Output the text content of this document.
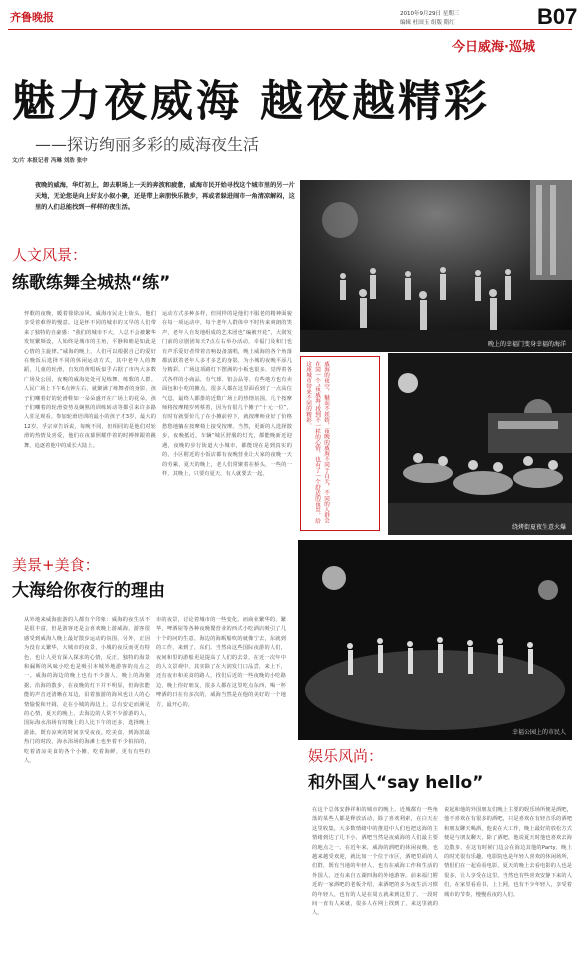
齐鲁晚报	2010年9月29日 星期三
编辑 杜国玉 组版 隋红	B07
今日威海·巡城
魅力夜威海 越夜越精彩
——探访绚丽多彩的威海夜生活
文/片 本报记者 冯琳 刘浩 张中
夜晚的威海，华灯初上，卸去职场上一天的奔波和疲惫，威海市民开始寻找这个城市里的另一片天地，无论您是向上好友小叙小聚，还是带上亲朋快乐散步，再或者躲进闹市一角清凉解闷，这里的人们总能找到一样样的夜生活。
人文风景：
练歌练舞全城热“练”
怦歌的夜晚，暖着徐徐凉风，威海市民走上街头，他们享受着难得的慢意。这是怀不同的城市的又早的人们带来了独特的自豪感：“我们的城市不大，人总不会被繁华发短繁频设，人始终是城市的主角，平静和睦是如此是心情的主旋律。”威海的晚上，人们可以根据自己的爱好在晚饭后选择不同的休闲运动方式，其中老年人的舞蹈，儿童的轮滑，自发的黄唱板似乎占据了市内大多数广场及公园，夜晚的威海处处可见练舞、练歌的人群。人民广场上下午6点钟左右，就聚满了练舞者的身影，孩子们嘲着好的轮滑鞋如一朵朵盛开在广场上的花朵。孩子们嘲着的轮滑姿势及娴熟的训练转动等都引来许多路人驻足观看。参加轮滑培训的最小的孩子才3岁，最大的12岁。孚宗章告诉说，每晚不同，但相同的是他们对轮滑的热情及喜爱，他们在夜幕照耀伴着的时搏摔跟着跳舞，追逐着他中的成长大陆上。
运动方式多种多样，但同样的是他们不服老的精神面貌在每一项运动中，每个老年人群体中不时传来爽朗的笑声，老年人自发地组成的艺术团也“编被开花”，大润发门前的京剧团每天7点左右举办活动，幸福门及和门也有声乐爱好者带着音响设备演唱，晚上威海的各个角落都活跃着老年人多才多艺的身影，为小城的夜晚平添几分精彩。广场这项路灯下摆满的小板也很多，觉得着各式各样的小商品，有气球、铝会品等。有些地方也有卖面包和小吃的摊点。很多人都在这里面看到了一点高位气息，最终人都排的近数广场上的热情氛围，几个按摩师将按摩精岁列蔡着，因为有很几个摊子“十元一位”，有时有就要价几了在小摊前停下，就按摩师业好了价格愁愁地躺在按摩椅上接受按摩。当然，更新的人选择散步，夜晚抵近，车辆“城区舒服的灯光，都能晚新近迎遇，夜晚的步行街道大小城市，都能现在是到真实的的，小区附近的小饭店都有夜晚营业让大家的夜晚一天的劳累，夏天的晚上，老人们常聚着在桥头，一些的一样，其晚上，只要有夏天，有人就要去一起。
晚上的幸福门变身幸福的海洋
绕烤街夏夜生意火爆
威海的夜空，魅而不妖娇，夜晚的威海不同于白天，不同的人群会在同一个“夜威海”找到不一样的心情，也有了一个舒适的夜景，给这座城市带来不同的精彩。
美景+美食：
大海给你夜行的理由
从外地来威海旅游的人都有个印象：威海的夜生活不是很丰富，但是游客还是会喜欢晚上游威海，游客很感受到威海人晚上最好散步运动的氛围，另外，正因为没有太繁华，大城市的夜景，小城的夜反而更有特色，也让人更有深入探求的心情，反正，独特的海景和漏斯的风味小吃也是吸引本城外地游客的亮点之一。威海的海边的晚上也有不少游人，晚上的海猪据，沿海的散步，在夜晚的灯下并不明显，但海张能能的声音还清晰在耳边，沿着旅游的海风也让人的心情愉悦和开阔，走在小城的海边上，总有安定而满足的心情，夏天的晚上，去海边的人常不少游游的人，国际海水浴场有时晚上的人比下午的还多，选择晚上游泳，既有凉爽的时间享受夜夜。吃美食，到海滨最热门的时段，海水浴场的海滩上也坐着不少拍拍的，吃着清凉美食的各个小摊，吃着海鲜，更有有些的人。
市的夜景，讨论着城市的一些变化。而商业繁华的，繁华，啤酒屋等各种夜晚餐营业的西式小吃酒店吸引了几十个的问的生意，海边的海蛎船吹的就像宁去，东就到的工作，来到了，东们。当然由这些国际夜游的人们，夜间和里的游船更是提高了人们的去景，在近一次年中的人文景观中。其实除了在大润发门口品尝，来上下，还有夜市和美食的路人，找们后近的一些夜晚的小吃路边，晚上你好朋友，很多人都在这里吃点东西，喝一杯啤酒的日在有多次的，威海当然是在他的美好的一个地方，最开心的。
幸福公园上的市民人
娱乐风尚：
和外国人“say hello”
在这个总体安静祥和的城市的晚上，近城都有一些角落的某些人都是释放活动，除了喜欢利索，在白天在这里收集，大多数情绪中的推进中人们也把这海的主情绪到达了几下小，酒吧当然是夜威海的人们最主要的地点之一。在近年来，威海的酒吧的休闲夜晚，也越来越受欢迎，就比如一个位于市区，酒吧里面的人们群，既有当地的年轻人，也有在威海工作和生活的外国人，还有来自五湖四海的外地游客。前来福门附近的一家酒吧的老板介绍，来酒吧的多为夜生活习惯的年轻人，也有的人是在周五就来到这里了，一段时间一直有人来就，很多人在网上找到了，来这里就的人。
说起和他的外国朋友们晚上主要的娱乐场所便是酒吧，他不喜欢在有很多的酒吧，只是喜欢在有轻音乐的酒吧和朋友聊天喝酒，他说在大工作，晚上最好的放松方式便是与朋友聊天，除了酒吧，他说夏天时他也喜欢去海边散步，在这有时候门边会在海边其他的Party，晚上的时光很有乐趣。电影院也是年轻人喜欢的休闲场所，情侣们在一起看看电影，夏天的晚上去看电影的人也是很多，让人享受在这里。当然也有些喜欢安静下来的人们，在家里看看书，上上网，也有不少年轻人，享受着城市的节奏，慢慢看夜的人们。
